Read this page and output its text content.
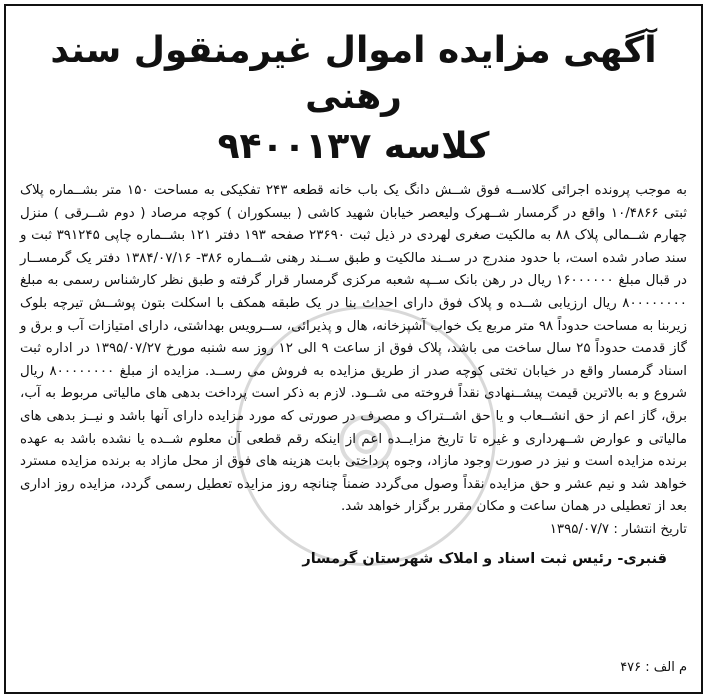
◎
آگهی مزایده اموال غیرمنقول سند رهنی
کلاسه ۹۴۰۰۱۳۷
به موجب پرونده اجرائی کلاســه فوق شــش دانگ یک باب خانه قطعه ۲۴۳ تفکیکی به مساحت ۱۵۰ متر بشــماره پلاک ثبتی ۱۰/۴۸۶۶ واقع در گرمسار شــهرک ولیعصر خیابان شهید کاشی ( بیسکوران ) کوچه مرصاد ( دوم شــرقی ) منزل چهارم شــمالی پلاک ۸۸ به مالکیت صغری لهردی در ذیل ثبت ۲۳۶۹۰ صفحه ۱۹۳ دفتر ۱۲۱ بشــماره چاپی ۳۹۱۲۴۵ ثبت و سند صادر شده است، با حدود مندرج در ســند مالکیت و طبق ســند رهنی شــماره ۳۸۶- ۱۳۸۴/۰۷/۱۶ دفتر یک گرمســار در قبال مبلغ ۱۶۰۰۰۰۰۰ ریال در رهن بانک ســپه شعبه مرکزی گرمسار قرار گرفته و طبق نظر کارشناس رسمی به مبلغ ۸۰۰۰۰۰۰۰۰ ریال ارزیابی شــده و پلاک فوق دارای احداث بنا در یک طبقه همکف با اسکلت بتون پوشــش تیرچه بلوک زیربنا به مساحت حدوداً ۹۸ متر مربع یک خواب آشپزخانه، هال و پذیرائی، ســرویس بهداشتی، دارای امتیازات آب و برق و گاز قدمت حدوداً ۲۵ سال ساخت می باشد، پلاک فوق از ساعت ۹ الی ۱۲ روز سه شنبه مورخ ۱۳۹۵/۰۷/۲۷ در اداره ثبت اسناد گرمسار واقع در خیابان تختی کوچه صدر از طریق مزایده به فروش می رســد. مزایده از مبلغ ۸۰۰۰۰۰۰۰۰ ریال شروع و به بالاترین قیمت پیشــنهادی نقداً فروخته می شــود. لازم به ذکر است پرداخت بدهی های مالیاتی مربوط به آب، برق، گاز اعم از حق انشــعاب و یا حق اشــتراک و مصرف در صورتی که مورد مزایده دارای آنها باشد و نیــز بدهی های مالیاتی و عوارض شــهرداری و غیره تا تاریخ مزایــده اعم از اینکه رقم قطعی آن معلوم شــده یا نشده باشد به عهده برنده مزایده است و نیز در صورت وجود مازاد، وجوه پرداختی بابت هزینه های فوق از محل مازاد به برنده مزایده مسترد خواهد شد و نیم عشر و حق مزایده نقداً وصول می‌گردد ضمناً چنانچه روز مزایده تعطیل رسمی گردد، مزایده روز اداری بعد از تعطیلی در همان ساعت و مکان مقرر برگزار خواهد شد.
تاریخ انتشار : ۱۳۹۵/۰۷/۷
قنبری- رئیس ثبت اسناد و املاک شهرستان گرمسار
م الف : ۴۷۶
